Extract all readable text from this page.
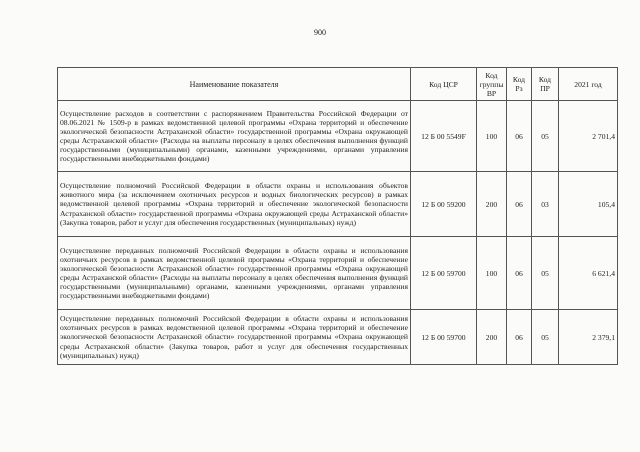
900
Наименование показателя	Код ЦСР	Код группы ВР	Код Рз	Код ПР	2021 год
Осуществление расходов в соответствии с распоряжением Правительства Российской Федерации от 08.06.2021 № 1509-р в рамках ведомственной целевой программы «Охрана территорий и обеспечение экологической безопасности Астраханской области» государственной программы «Охрана окружающей среды Астраханской области» (Расходы на выплаты персоналу в целях обеспечения выполнения функций государственными (муниципальными) органами, казенными учреждениями, органами управления государственными внебюджетными фондами)	12 Б 00 5549F	100	06	05	2 701,4
Осуществление полномочий Российской Федерации в области охраны и использования объектов животного мира (за исключением охотничьих ресурсов и водных биологических ресурсов) в рамках ведомственной целевой программы «Охрана территорий и обеспечение экологической безопасности Астраханской области» государственной программы «Охрана окружающей среды Астраханской области» (Закупка товаров, работ и услуг для обеспечения государственных (муниципальных) нужд)	12 Б 00 59200	200	06	03	105,4
Осуществление переданных полномочий Российской Федерации в области охраны и использования охотничьих ресурсов в рамках ведомственной целевой программы «Охрана территорий и обеспечение экологической безопасности Астраханской области» государственной программы «Охрана окружающей среды Астраханской области» (Расходы на выплаты персоналу в целях обеспечения выполнения функций государственными (муниципальными) органами, казенными учреждениями, органами управления государственными внебюджетными фондами)	12 Б 00 59700	100	06	05	6 621,4
Осуществление переданных полномочий Российской Федерации в области охраны и использования охотничьих ресурсов в рамках ведомственной целевой программы «Охрана территорий и обеспечение экологической безопасности Астраханской области» государственной программы «Охрана окружающей среды Астраханской области» (Закупка товаров, работ и услуг для обеспечения государственных (муниципальных) нужд)	12 Б 00 59700	200	06	05	2 379,1
